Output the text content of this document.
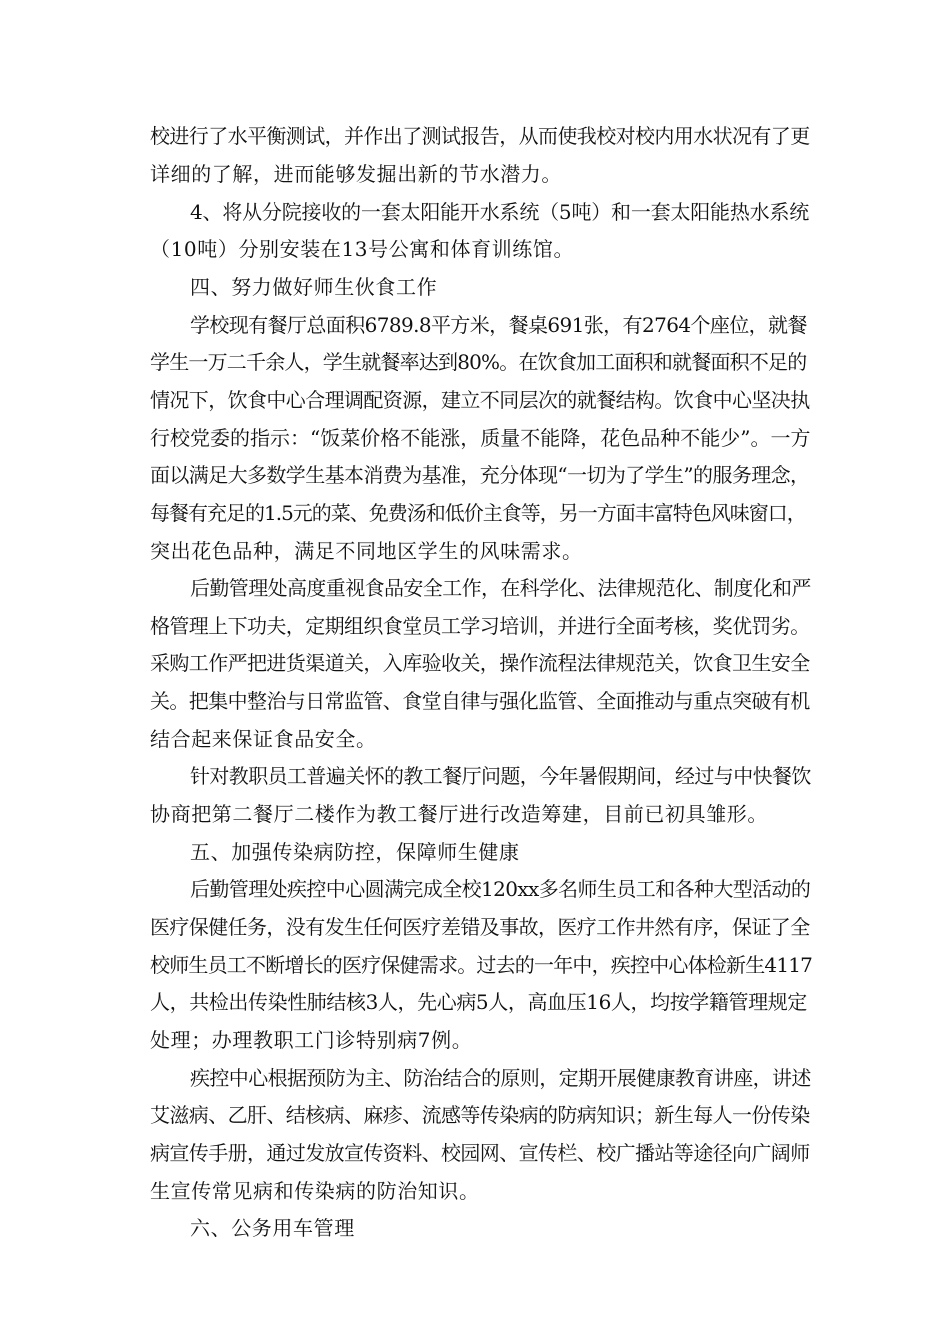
校进行了水平衡测试，并作出了测试报告，从而使我校对校内用水状况有了更
详细的了解，进而能够发掘出新的节水潜力。
4、将从分院接收的一套太阳能开水系统（5吨）和一套太阳能热水系统
（10吨）分别安装在13号公寓和体育训练馆。
四、努力做好师生伙食工作
学校现有餐厅总面积6789.8平方米，餐桌691张，有2764个座位，就餐
学生一万二千余人，学生就餐率达到80%。在饮食加工面积和就餐面积不足的
情况下，饮食中心合理调配资源，建立不同层次的就餐结构。饮食中心坚决执
行校党委的指示：“饭菜价格不能涨，质量不能降，花色品种不能少”。一方
面以满足大多数学生基本消费为基准，充分体现“一切为了学生”的服务理念，
每餐有充足的1.5元的菜、免费汤和低价主食等，另一方面丰富特色风味窗口，
突出花色品种，满足不同地区学生的风味需求。
后勤管理处高度重视食品安全工作，在科学化、法律规范化、制度化和严
格管理上下功夫，定期组织食堂员工学习培训，并进行全面考核，奖优罚劣。
采购工作严把进货渠道关，入库验收关，操作流程法律规范关，饮食卫生安全
关。把集中整治与日常监管、食堂自律与强化监管、全面推动与重点突破有机
结合起来保证食品安全。
针对教职员工普遍关怀的教工餐厅问题，今年暑假期间，经过与中快餐饮
协商把第二餐厅二楼作为教工餐厅进行改造筹建，目前已初具雏形。
五、加强传染病防控，保障师生健康
后勤管理处疾控中心圆满完成全校120xx多名师生员工和各种大型活动的
医疗保健任务，没有发生任何医疗差错及事故，医疗工作井然有序，保证了全
校师生员工不断增长的医疗保健需求。过去的一年中，疾控中心体检新生4117
人，共检出传染性肺结核3人，先心病5人，高血压16人，均按学籍管理规定
处理；办理教职工门诊特别病7例。
疾控中心根据预防为主、防治结合的原则，定期开展健康教育讲座，讲述
艾滋病、乙肝、结核病、麻疹、流感等传染病的防病知识；新生每人一份传染
病宣传手册，通过发放宣传资料、校园网、宣传栏、校广播站等途径向广阔师
生宣传常见病和传染病的防治知识。
六、公务用车管理
